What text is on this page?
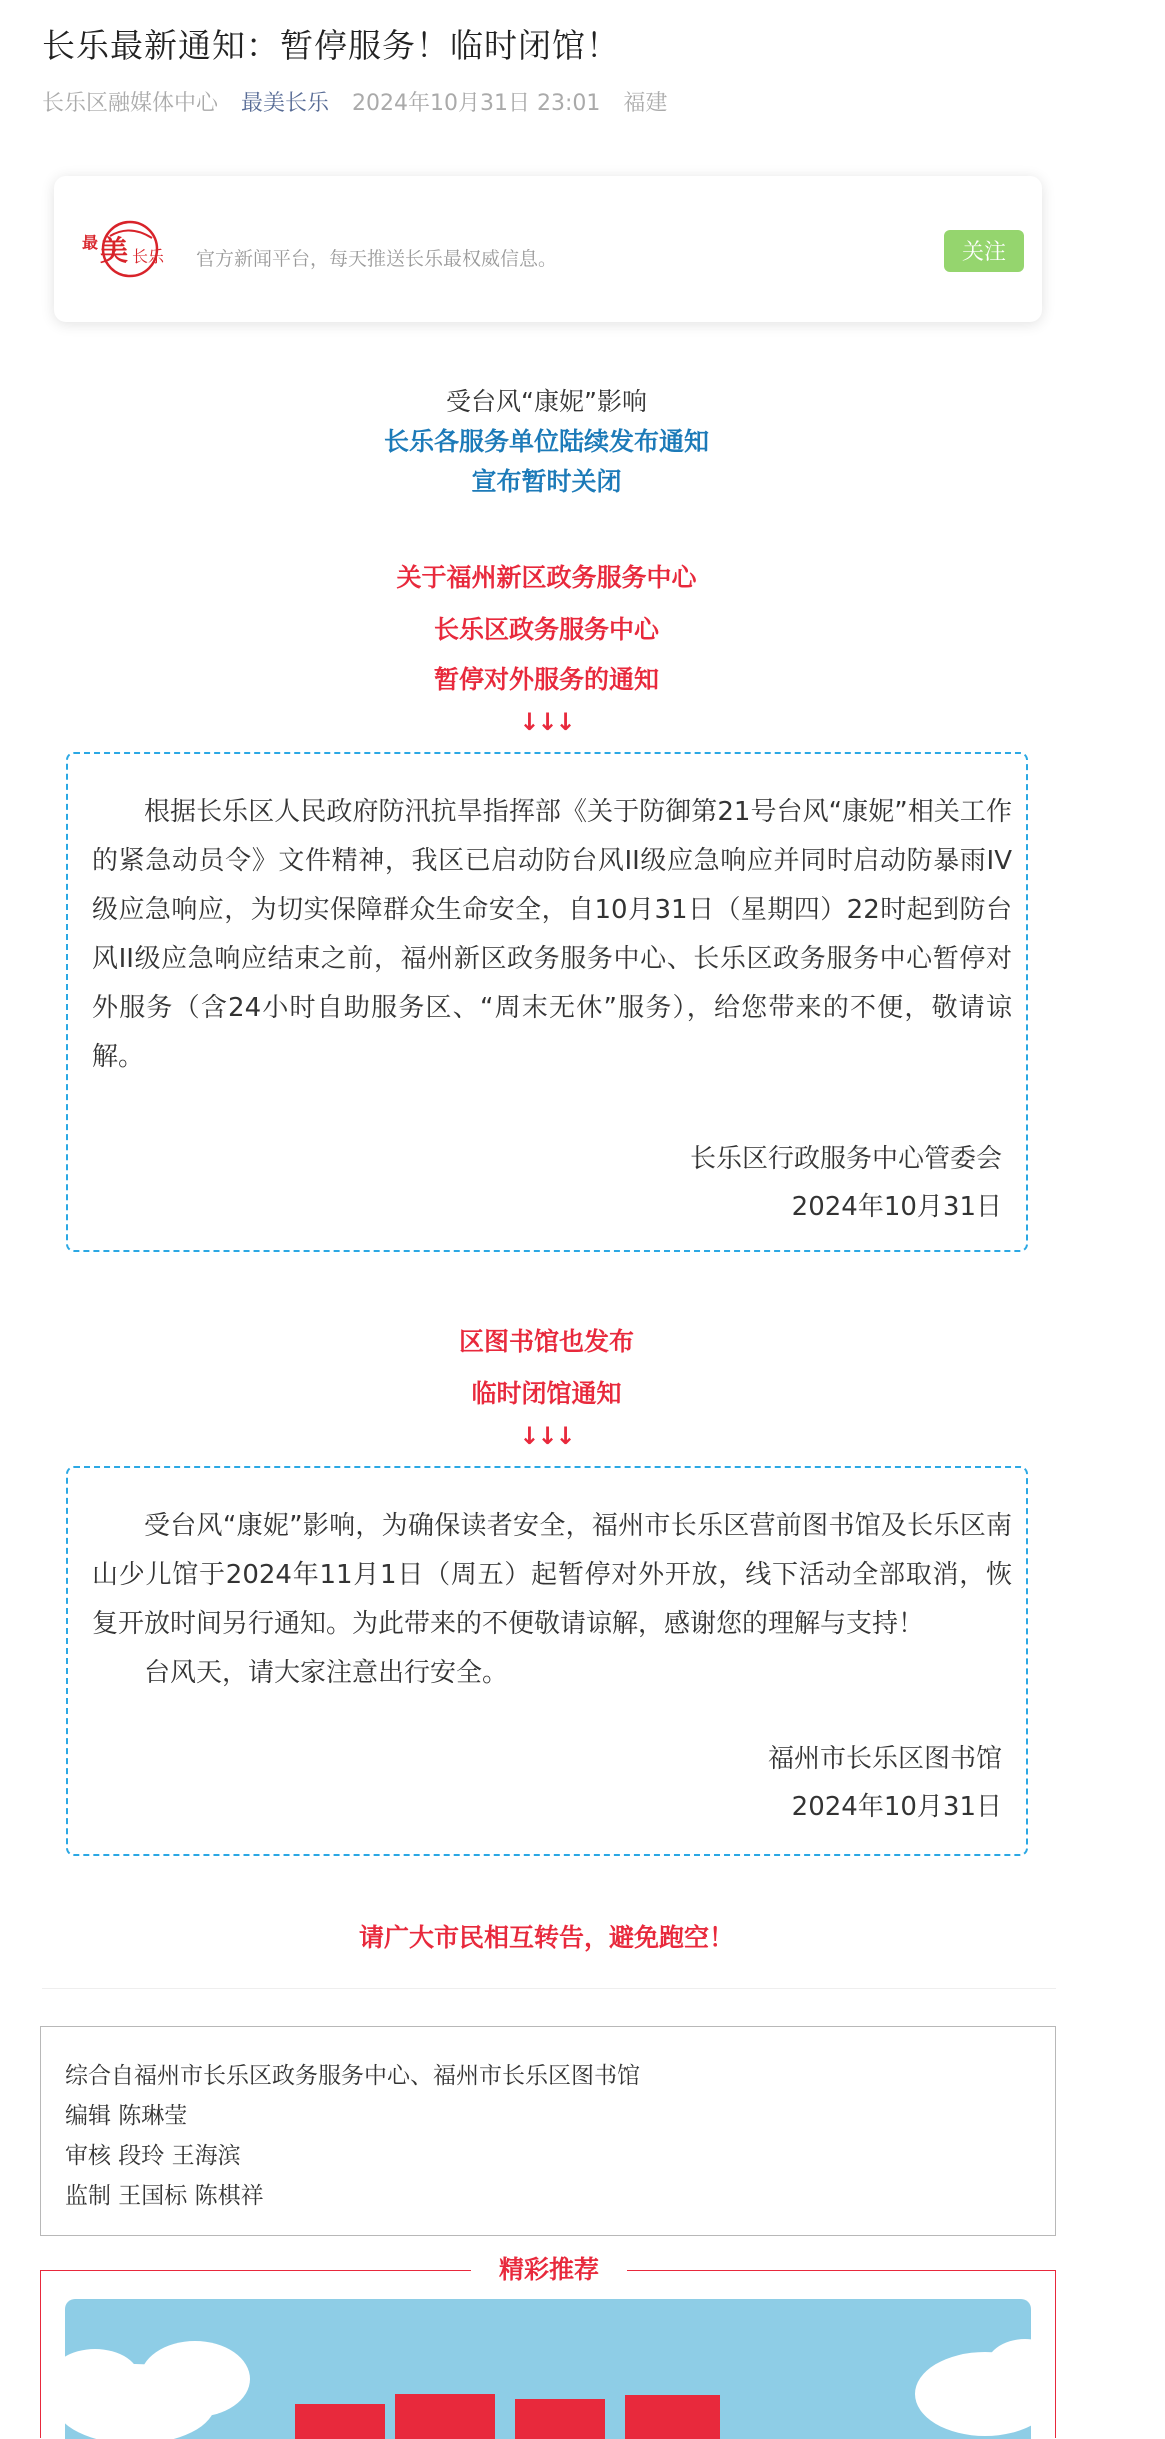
长乐最新通知：暂停服务！临时闭馆！
长乐区融媒体中心 最美长乐 2024年10月31日 23:01 福建
最 美 长乐 官方新闻平台，每天推送长乐最权威信息。	关注

受台风“康妮”影响

长乐各服务单位陆续发布通知

宣布暂时关闭

关于福州新区政务服务中心

长乐区政务服务中心

暂停对外服务的通知

↓↓↓

根据长乐区人民政府防汛抗旱指挥部《关于防御第21号台风“康妮”相关工作的紧急动员令》文件精神，我区已启动防台风II级应急响应并同时启动防暴雨IV级应急响应，为切实保障群众生命安全，自10月31日（星期四）22时起到防台风II级应急响应结束之前，福州新区政务服务中心、长乐区政务服务中心暂停对外服务（含24小时自助服务区、“周末无休”服务），给您带来的不便，敬请谅解。

长乐区行政服务中心管委会

2024年10月31日

区图书馆也发布

临时闭馆通知

↓↓↓

受台风“康妮”影响，为确保读者安全，福州市长乐区营前图书馆及长乐区南山少儿馆于2024年11月1日（周五）起暂停对外开放，线下活动全部取消，恢复开放时间另行通知。为此带来的不便敬请谅解，感谢您的理解与支持！

台风天，请大家注意出行安全。

福州市长乐区图书馆

2024年10月31日

请广大市民相互转告，避免跑空！

综合自福州市长乐区政务服务中心、福州市长乐区图书馆

编辑 陈琳莹

审核 段玲 王海滨

监制 王国标 陈棋祥

精彩推荐
